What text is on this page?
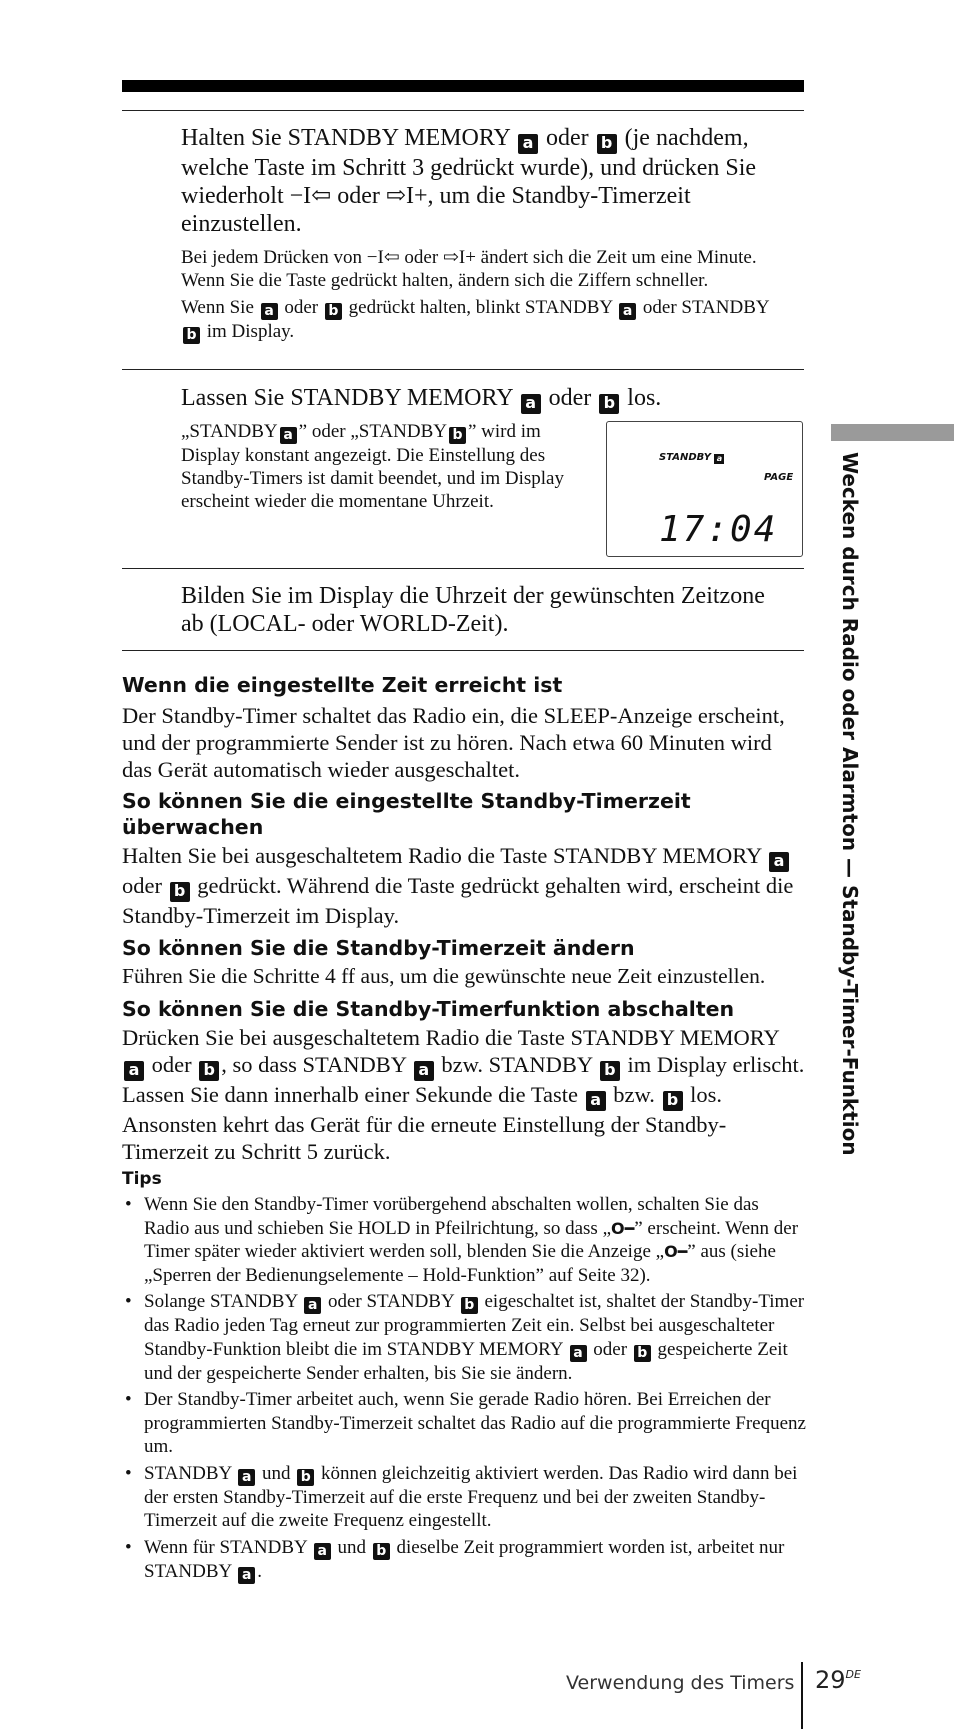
Halten Sie STANDBY MEMORY a oder b (je nachdem, welche Taste im Schritt 3 gedrückt wurde), und drücken Sie wiederholt −I⇦ oder ⇨I+, um die Standby-Timerzeit einzustellen.
Bei jedem Drücken von −I⇦ oder ⇨I+ ändert sich die Zeit um eine Minute. Wenn Sie die Taste gedrückt halten, ändern sich die Ziffern schneller.
Wenn Sie a oder b gedrückt halten, blinkt STANDBY a oder STANDBY b im Display.
Lassen Sie STANDBY MEMORY a oder b los.
„STANDBY a ” oder „STANDBY b ” wird im Display konstant angezeigt. Die Einstellung des Standby-Timers ist damit beendet, und im Display erscheint wieder die momentane Uhrzeit.
STANDBY a
PAGE
17:04
Bilden Sie im Display die Uhrzeit der gewünschten Zeitzone ab (LOCAL- oder WORLD-Zeit).
Wenn die eingestellte Zeit erreicht ist
Der Standby-Timer schaltet das Radio ein, die SLEEP-Anzeige erscheint, und der programmierte Sender ist zu hören. Nach etwa 60 Minuten wird das Gerät automatisch wieder ausgeschaltet.
So können Sie die eingestellte Standby-Timerzeit überwachen
Halten Sie bei ausgeschaltetem Radio die Taste STANDBY MEMORY a oder b gedrückt. Während die Taste gedrückt gehalten wird, erscheint die Standby-Timerzeit im Display.
So können Sie die Standby-Timerzeit ändern
Führen Sie die Schritte 4 ff aus, um die gewünschte neue Zeit einzustellen.
So können Sie die Standby-Timerfunktion abschalten
Drücken Sie bei ausgeschaltetem Radio die Taste STANDBY MEMORY a oder b , so dass STANDBY a bzw. STANDBY b im Display erlischt. Lassen Sie dann innerhalb einer Sekunde die Taste a bzw. b los. Ansonsten kehrt das Gerät für die erneute Einstellung der Standby-Timerzeit zu Schritt 5 zurück.
Tips
• Wenn Sie den Standby-Timer vorübergehend abschalten wollen, schalten Sie das Radio aus und schieben Sie HOLD in Pfeilrichtung, so dass „O━” erscheint. Wenn der Timer später wieder aktiviert werden soll, blenden Sie die Anzeige „O━” aus (siehe „Sperren der Bedienungselemente – Hold-Funktion” auf Seite 32).
• Solange STANDBY a oder STANDBY b eigeschaltet ist, shaltet der Standby-Timer das Radio jeden Tag erneut zur programmierten Zeit ein. Selbst bei ausgeschalteter Standby-Funktion bleibt die im STANDBY MEMORY a oder b gespeicherte Zeit und der gespeicherte Sender erhalten, bis Sie sie ändern.
• Der Standby-Timer arbeitet auch, wenn Sie gerade Radio hören. Bei Erreichen der programmierten Standby-Timerzeit schaltet das Radio auf die programmierte Frequenz um.
• STANDBY a und b können gleichzeitig aktiviert werden. Das Radio wird dann bei der ersten Standby-Timerzeit auf die erste Frequenz und bei der zweiten Standby-Timerzeit auf die zweite Frequenz eingestellt.
• Wenn für STANDBY a und b dieselbe Zeit programmiert worden ist, arbeitet nur STANDBY a .
Wecken durch Radio oder Alarmton — Standby-Timer-Funktion
Verwendung des Timers 29DE
